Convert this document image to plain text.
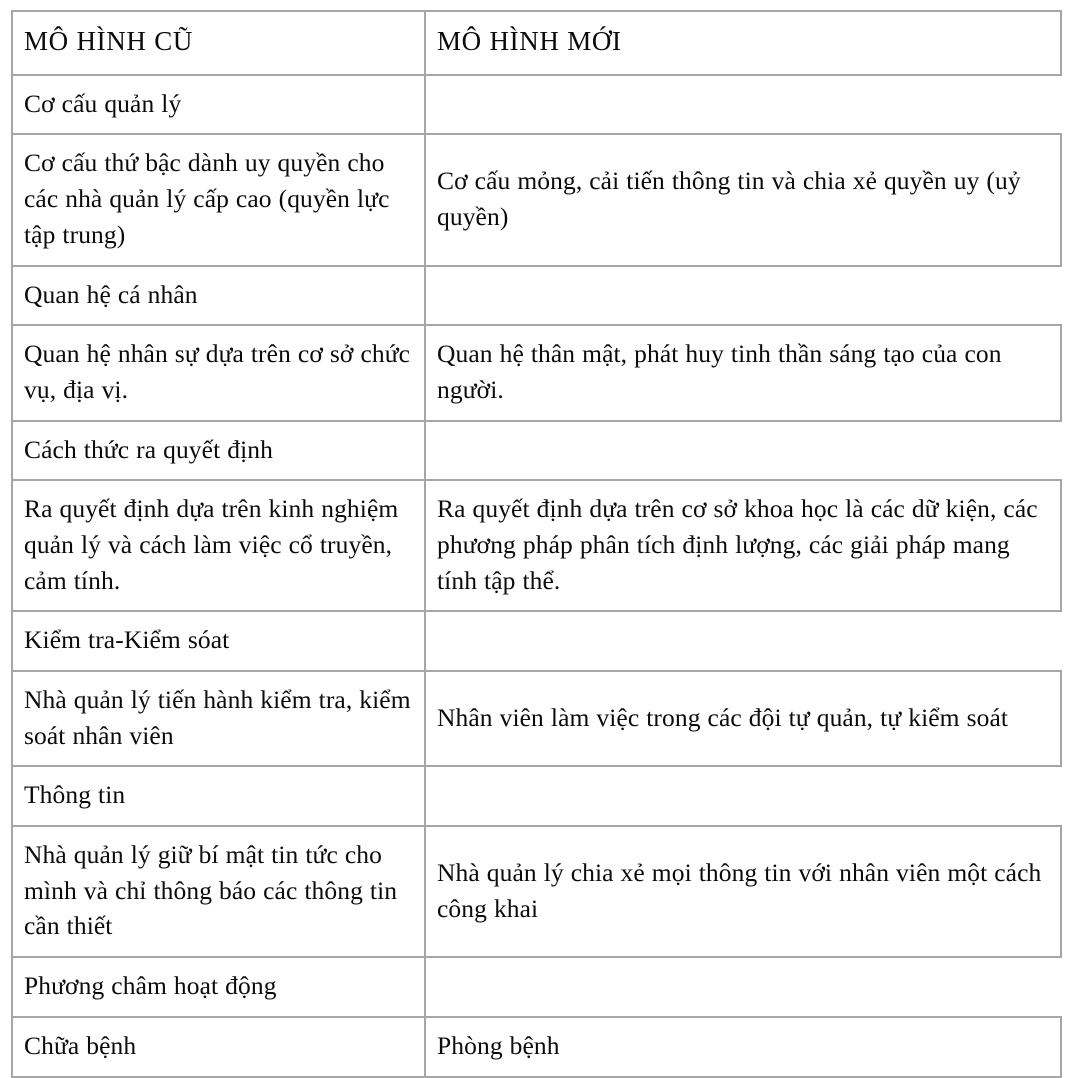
MÔ HÌNH CŨ	MÔ HÌNH MỚI

Cơ cấu quản lý	

Cơ cấu thứ bậc dành uy quyền cho các nhà quản lý cấp cao (quyền lực tập trung)	Cơ cấu mỏng, cải tiến thông tin và chia xẻ quyền uy (uỷ quyền)

Quan hệ cá nhân	

Quan hệ nhân sự dựa trên cơ sở chức vụ, địa vị.	Quan hệ thân mật, phát huy tinh thần sáng tạo của con người.

Cách thức ra quyết định	

Ra quyết định dựa trên kinh nghiệm quản lý và cách làm việc cổ truyền, cảm tính.	Ra quyết định dựa trên cơ sở khoa học là các dữ kiện, các phương pháp phân tích định lượng, các giải pháp mang tính tập thể.

Kiểm tra-Kiểm sóat	

Nhà quản lý tiến hành kiểm tra, kiểm soát nhân viên	Nhân viên làm việc trong các đội tự quản, tự kiểm soát

Thông tin	

Nhà quản lý giữ bí mật tin tức cho mình và chỉ thông báo các thông tin cần thiết	Nhà quản lý chia xẻ mọi thông tin với nhân viên một cách công khai

Phương châm hoạt động	

Chữa bệnh	Phòng bệnh
